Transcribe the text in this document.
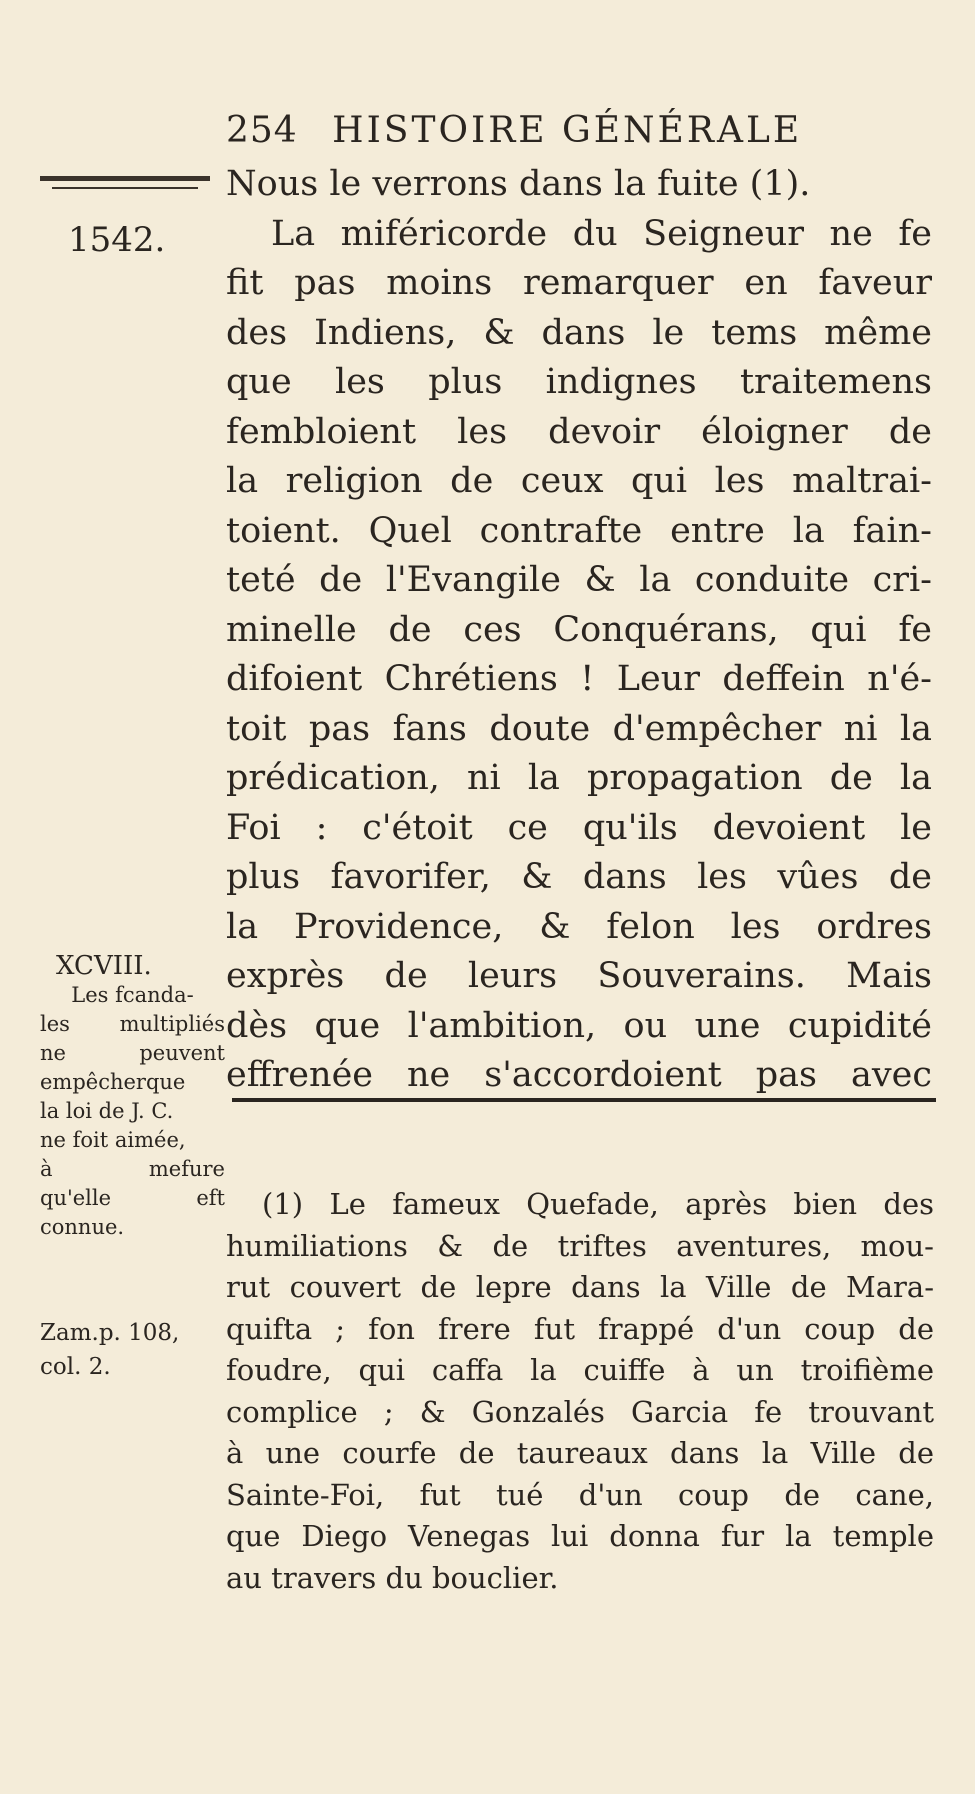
254 HISTOIRE GÉNÉRALE
1542.
Nous le verrons dans la fuite (1).
La miféricorde du Seigneur ne fe
fit pas moins remarquer en faveur
des Indiens, & dans le tems même
que les plus indignes traitemens
fembloient les devoir éloigner de
la religion de ceux qui les maltrai-
toient. Quel contrafte entre la fain-
teté de l'Evangile & la conduite cri-
minelle de ces Conquérans, qui fe
difoient Chrétiens ! Leur deffein n'é-
toit pas fans doute d'empêcher ni la
prédication, ni la propagation de la
Foi : c'étoit ce qu'ils devoient le
plus favorifer, & dans les vûes de
la Providence, & felon les ordres
exprès de leurs Souverains. Mais
dès que l'ambition, ou une cupidité
effrenée ne s'accordoient pas avec
XCVIII.
Les fcanda-
les multipliés
ne peuvent
empêcherque
la loi de J. C.
ne foit aimée,
à mefure
qu'elle eft
connue.
Zam.p. 108,
col. 2.
(1) Le fameux Quefade, après bien des
humiliations & de triftes aventures, mou-
rut couvert de lepre dans la Ville de Mara-
quifta ; fon frere fut frappé d'un coup de
foudre, qui caffa la cuiffe à un troifième
complice ; & Gonzalés Garcia fe trouvant
à une courfe de taureaux dans la Ville de
Sainte-Foi, fut tué d'un coup de cane,
que Diego Venegas lui donna fur la temple
au travers du bouclier.
